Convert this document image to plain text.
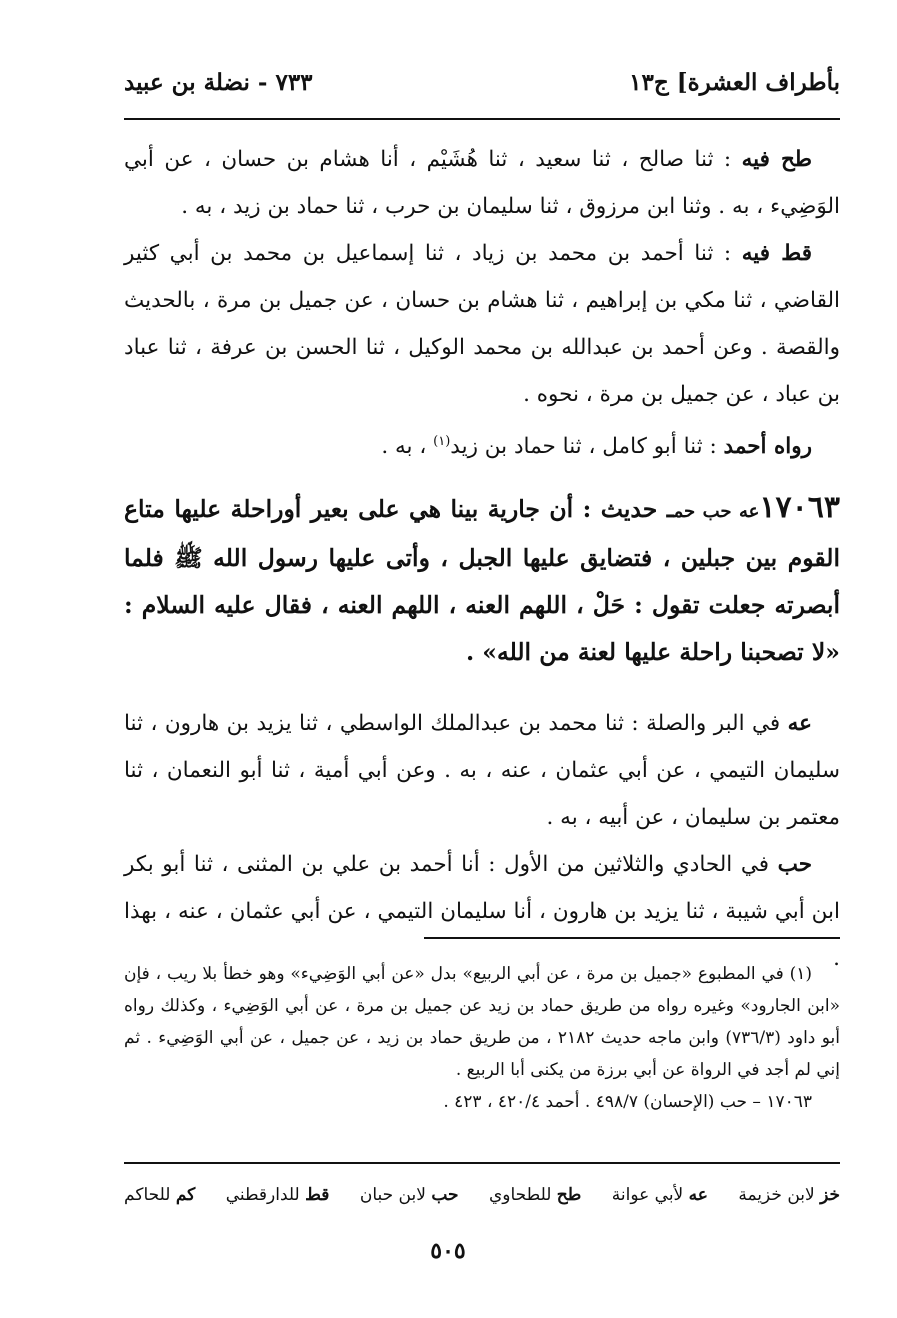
بأطراف العشرة] ج١٣
٧٣٣ - نضلة بن عبيد

طح فيه : ثنا صالح ، ثنا سعيد ، ثنا هُشَيْم ، أنا هشام بن حسان ، عن أبي الوَضِيء ، به . وثنا ابن مرزوق ، ثنا سليمان بن حرب ، ثنا حماد بن زيد ، به .

قط فيه : ثنا أحمد بن محمد بن زياد ، ثنا إسماعيل بن محمد بن أبي كثير القاضي ، ثنا مكي بن إبراهيم ، ثنا هشام بن حسان ، عن جميل بن مرة ، بالحديث والقصة . وعن أحمد بن عبدالله بن محمد الوكيل ، ثنا الحسن بن عرفة ، ثنا عباد بن عباد ، عن جميل بن مرة ، نحوه .

رواه أحمد : ثنا أبو كامل ، ثنا حماد بن زيد$^{(١)}$ ، به .

١٧٠٦٣عه حب حمـ حديث : أن جارية بينا هي على بعير أوراحلة عليها متاع القوم بين جبلين ، فتضايق عليها الجبل ، وأتى عليها رسول الله ﷺ فلما أبصرته جعلت تقول : حَلْ ، اللهم العنه ، اللهم العنه ، فقال عليه السلام : «لا تصحبنا راحلة عليها لعنة من الله» .

عه في البر والصلة : ثنا محمد بن عبدالملك الواسطي ، ثنا يزيد بن هارون ، ثنا سليمان التيمي ، عن أبي عثمان ، عنه ، به . وعن أبي أمية ، ثنا أبو النعمان ، ثنا معتمر بن سليمان ، عن أبيه ، به .

حب في الحادي والثلاثين من الأول : أنا أحمد بن علي بن المثنى ، ثنا أبو بكر ابن أبي شيبة ، ثنا يزيد بن هارون ، أنا سليمان التيمي ، عن أبي عثمان ، عنه ، بهذا .

(١) في المطبوع «جميل بن مرة ، عن أبي الربيع» بدل «عن أبي الوَضِيء» وهو خطأ بلا ريب ، فإن «ابن الجارود» وغيره رواه من طريق حماد بن زيد عن جميل بن مرة ، عن أبي الوَضِيء ، وكذلك رواه أبو داود (٧٣٦/٣) وابن ماجه حديث ٢١٨٢ ، من طريق حماد بن زيد ، عن جميل ، عن أبي الوَضِيء . ثم إني لم أجد في الرواة عن أبي برزة من يكنى أبا الربيع .

١٧٠٦٣ – حب (الإحسان) ٤٩٨/٧ . أحمد ٤٢٠/٤ ، ٤٢٣ .

خز لابن خزيمة
عه لأبي عوانة
طح للطحاوي
حب لابن حبان
قط للدارقطني
كم للحاكم
٥٠٥
